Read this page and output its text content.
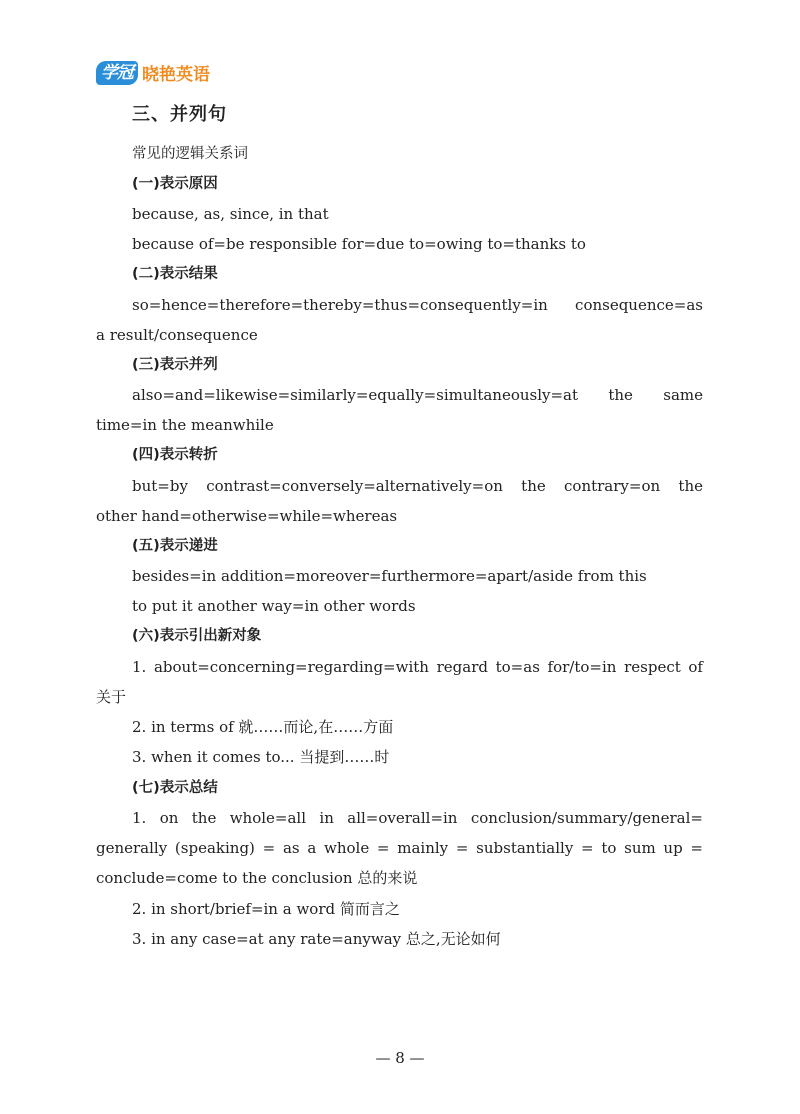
学冠 晓艳英语
三、并列句
常见的逻辑关系词
(一)表示原因
because, as, since, in that
because of=be responsible for=due to=owing to=thanks to
(二)表示结果
so=hence=therefore=thereby=thus=consequently=in consequence=as
a result/consequence
(三)表示并列
also=and=likewise=similarly=equally=simultaneously=at the same
time=in the meanwhile
(四)表示转折
but=by contrast=conversely=alternatively=on the contrary=on the
other hand=otherwise=while=whereas
(五)表示递进
besides=in addition=moreover=furthermore=apart/aside from this
to put it another way=in other words
(六)表示引出新对象
1. about=concerning=regarding=with regard to=as for/to=in respect of
关于
2. in terms of 就……而论,在……方面
3. when it comes to... 当提到……时
(七)表示总结
1. on the whole=all in all=overall=in conclusion/summary/general=
generally (speaking) = as a whole = mainly = substantially = to sum up =
conclude=come to the conclusion 总的来说
2. in short/brief=in a word 简而言之
3. in any case=at any rate=anyway 总之,无论如何
— 8 —
